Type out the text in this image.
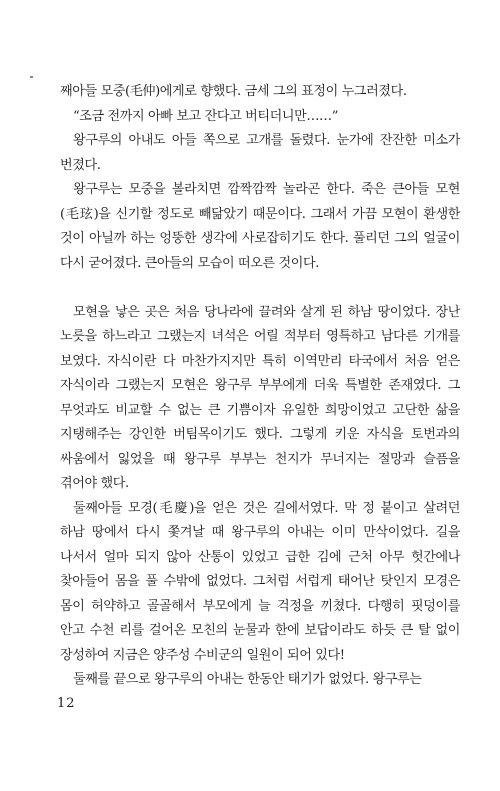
째아들 모중(毛仲)에게로 향했다. 금세 그의 표정이 누그러졌다.

“조금 전까지 아빠 보고 잔다고 버티더니만……”

왕구루의 아내도 아들 쪽으로 고개를 돌렸다. 눈가에 잔잔한 미소가 번졌다.

왕구루는 모중을 볼라치면 깜짝깜짝 놀라곤 한다. 죽은 큰아들 모현(毛玹)을 신기할 정도로 빼닮았기 때문이다. 그래서 가끔 모현이 환생한 것이 아닐까 하는 엉뚱한 생각에 사로잡히기도 한다. 풀리던 그의 얼굴이 다시 굳어졌다. 큰아들의 모습이 떠오른 것이다.

모현을 낳은 곳은 처음 당나라에 끌려와 살게 된 하남 땅이었다. 장난 노릇을 하느라고 그랬는지 녀석은 어릴 적부터 영특하고 남다른 기개를 보였다. 자식이란 다 마찬가지지만 특히 이역만리 타국에서 처음 얻은 자식이라 그랬는지 모현은 왕구루 부부에게 더욱 특별한 존재였다. 그 무엇과도 비교할 수 없는 큰 기쁨이자 유일한 희망이었고 고단한 삶을 지탱해주는 강인한 버팀목이기도 했다. 그렇게 키운 자식을 토번과의 싸움에서 잃었을 때 왕구루 부부는 천지가 무너지는 절망과 슬픔을 겪어야 했다.

둘째아들 모경(毛慶)을 얻은 것은 길에서였다. 막 정 붙이고 살려던 하남 땅에서 다시 쫓겨날 때 왕구루의 아내는 이미 만삭이었다. 길을 나서서 얼마 되지 않아 산통이 있었고 급한 김에 근처 아무 헛간에나 찾아들어 몸을 풀 수밖에 없었다. 그처럼 서럽게 태어난 탓인지 모경은 몸이 허약하고 골골해서 부모에게 늘 걱정을 끼쳤다. 다행히 핏덩이를 안고 수천 리를 걸어온 모친의 눈물과 한에 보답이라도 하듯 큰 탈 없이 장성하여 지금은 양주성 수비군의 일원이 되어 있다!

둘째를 끝으로 왕구루의 아내는 한동안 태기가 없었다. 왕구루는

12
